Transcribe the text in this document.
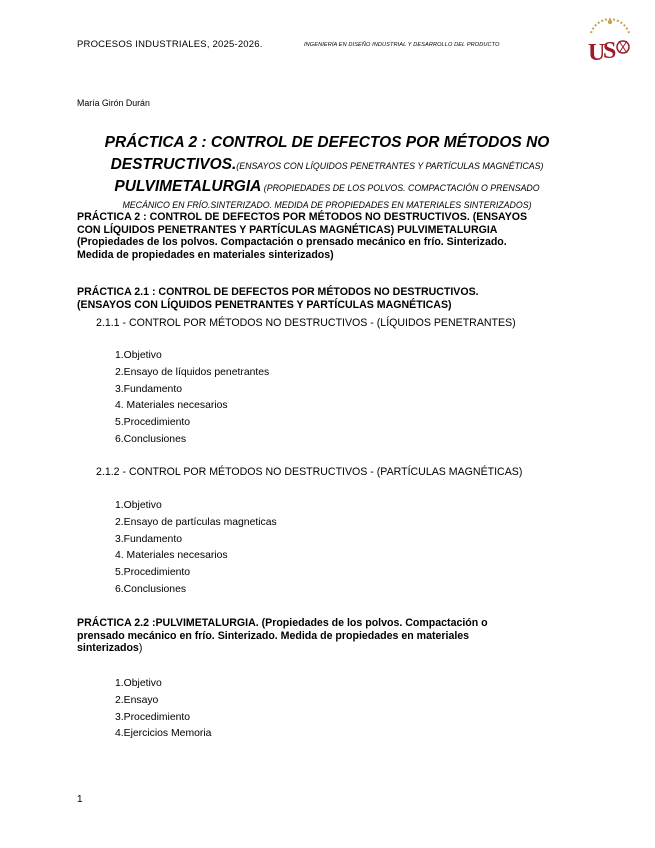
PROCESOS INDUSTRIALES, 2025-2026.	INGENIERÍA EN DISEÑO INDUSTRIAL Y DESARROLLO DEL PRODUCTO	U
S
María Girón Durán
PRÁCTICA 2 : CONTROL DE DEFECTOS POR MÉTODOS NO
DESTRUCTIVOS.(ENSAYOS CON LÍQUIDOS PENETRANTES Y PARTÍCULAS MAGNÉTICAS)
PULVIMETALURGIA (PROPIEDADES DE LOS POLVOS. COMPACTACIÓN O PRENSADO
MECÁNICO EN FRÍO.SINTERIZADO. MEDIDA DE PROPIEDADES EN MATERIALES SINTERIZADOS)
PRÁCTICA 2 : CONTROL DE DEFECTOS POR MÉTODOS NO DESTRUCTIVOS. (ENSAYOS
CON LÍQUIDOS PENETRANTES Y PARTÍCULAS MAGNÉTICAS) PULVIMETALURGIA
(Propiedades de los polvos. Compactación o prensado mecánico en frío. Sinterizado.
Medida de propiedades en materiales sinterizados)
PRÁCTICA 2.1 : CONTROL DE DEFECTOS POR MÉTODOS NO DESTRUCTIVOS.
(ENSAYOS CON LÍQUIDOS PENETRANTES Y PARTÍCULAS MAGNÉTICAS)
2.1.1 - CONTROL POR MÉTODOS NO DESTRUCTIVOS - (LÍQUIDOS PENETRANTES)
1.Objetivo
2.Ensayo de líquidos penetrantes
3.Fundamento
4. Materiales necesarios
5.Procedimiento
6.Conclusiones
2.1.2 - CONTROL POR MÉTODOS NO DESTRUCTIVOS - (PARTÍCULAS MAGNÉTICAS)
1.Objetivo
2.Ensayo de partículas magneticas
3.Fundamento
4. Materiales necesarios
5.Procedimiento
6.Conclusiones
PRÁCTICA 2.2 :PULVIMETALURGIA. (Propiedades de los polvos. Compactación o
prensado mecánico en frío. Sinterizado. Medida de propiedades en materiales
sinterizados)
1.Objetivo
2.Ensayo
3.Procedimiento
4.Ejercicios Memoria
1
